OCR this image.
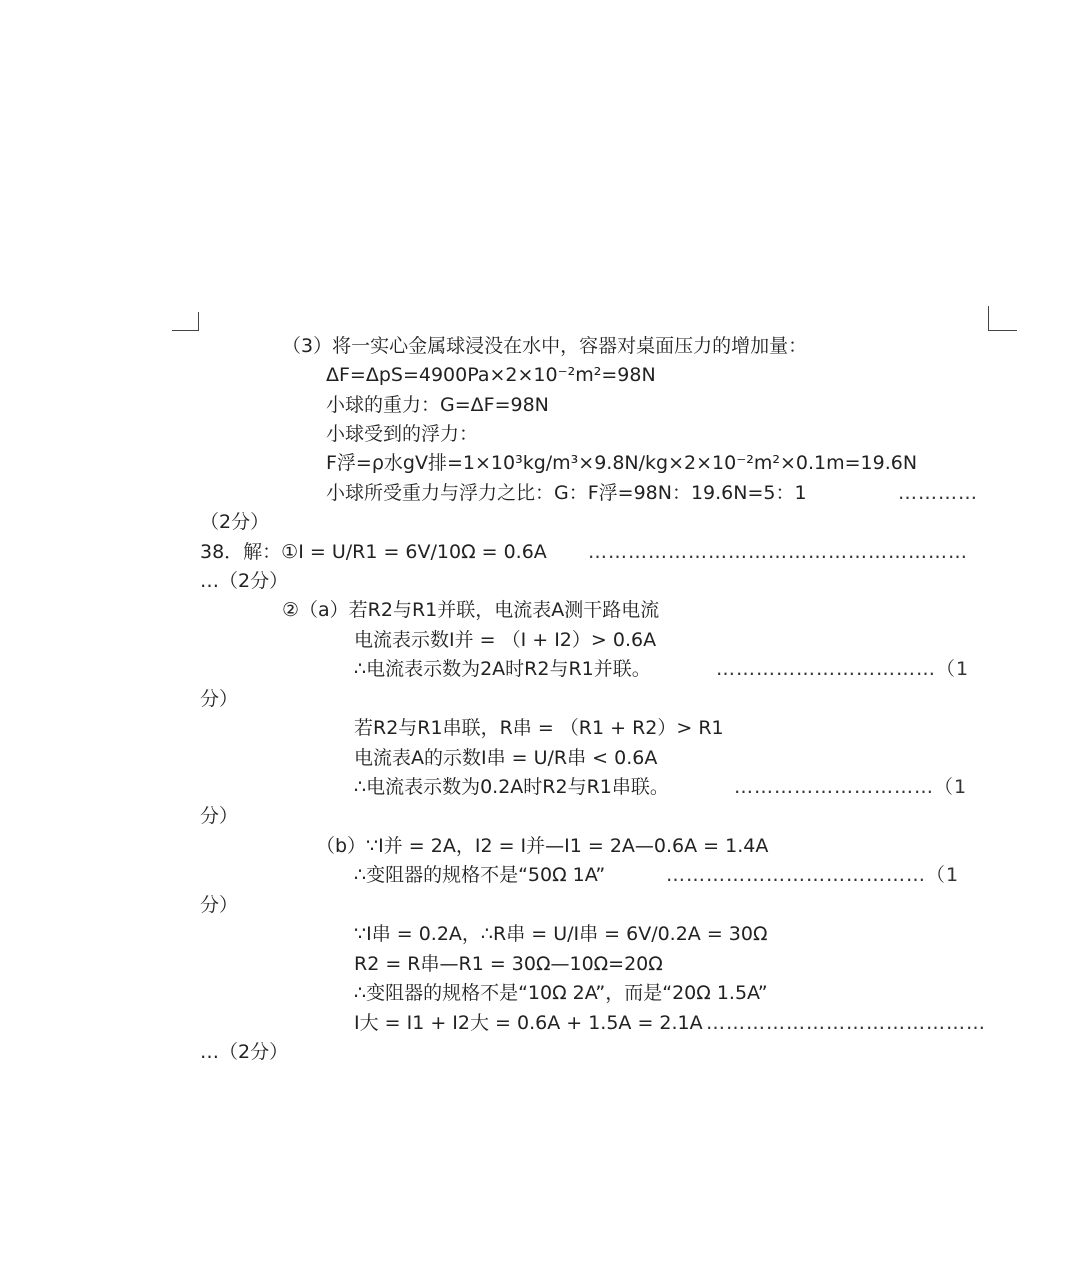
（3）将一实心金属球浸没在水中，容器对桌面压力的增加量：
ΔF=ΔpS=4900Pa×2×10⁻²m²=98N
小球的重力：G=ΔF=98N
小球受到的浮力：
F浮=ρ水gV排=1×10³kg/m³×9.8N/kg×2×10⁻²m²×0.1m=19.6N
小球所受重力与浮力之比：G：F浮=98N：19.6N=5：1	…………
（2分）
38．解：①I = U/R1 = 6V/10Ω = 0.6A …………………………………………………
…（2分）
②（a）若R2与R1并联，电流表A测干路电流
电流表示数I并 = （I + I2）> 0.6A
∴电流表示数为2A时R2与R1并联。	……………………………（1
分）
若R2与R1串联，R串 = （R1 + R2）> R1
电流表A的示数I串 = U/R串 < 0.6A
∴电流表示数为0.2A时R2与R1串联。	…………………………（1
分）
（b）∵I并 = 2A，I2 = I并—I1 = 2A—0.6A = 1.4A
∴变阻器的规格不是“50Ω 1A”	…………………………………（1
分）
∵I串 = 0.2A，∴R串 = U/I串 = 6V/0.2A = 30Ω
R2 = R串—R1 = 30Ω—10Ω=20Ω
∴变阻器的规格不是“10Ω 2A”，而是“20Ω 1.5A”
I大 = I1 + I2大 = 0.6A + 1.5A = 2.1A ……………………………………
…（2分）
